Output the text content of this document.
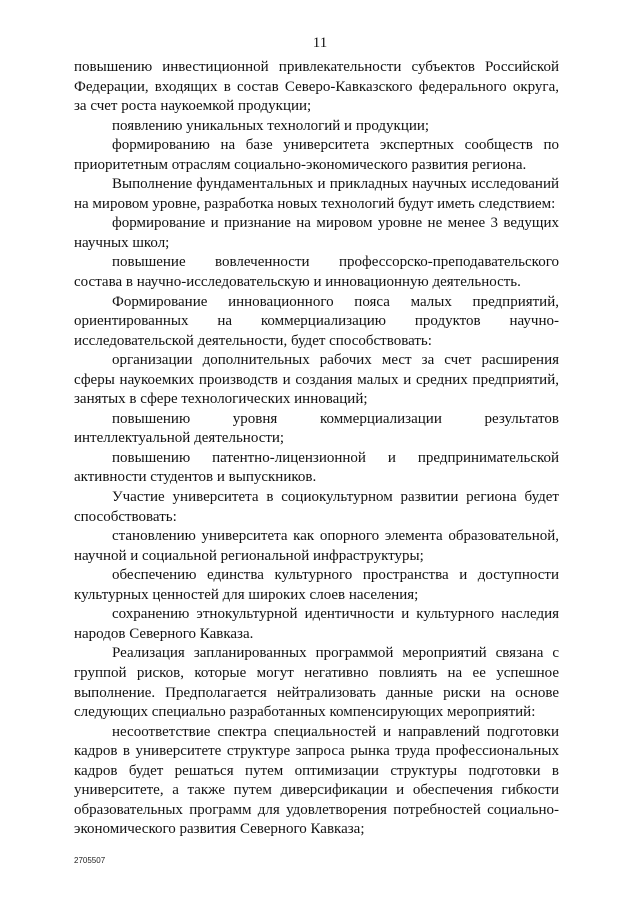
11

повышению инвестиционной привлекательности субъектов Российской Федерации, входящих в состав Северо-Кавказского федерального округа, за счет роста наукоемкой продукции;

появлению уникальных технологий и продукции;

формированию на базе университета экспертных сообществ по приоритетным отраслям социально-экономического развития региона.

Выполнение фундаментальных и прикладных научных исследований на мировом уровне, разработка новых технологий будут иметь следствием:

формирование и признание на мировом уровне не менее 3 ведущих научных школ;

повышение вовлеченности профессорско-преподавательского состава в научно-исследовательскую и инновационную деятельность.

Формирование инновационного пояса малых предприятий, ориентированных на коммерциализацию продуктов научно-исследовательской деятельности, будет способствовать:

организации дополнительных рабочих мест за счет расширения сферы наукоемких производств и создания малых и средних предприятий, занятых в сфере технологических инноваций;

повышению уровня коммерциализации результатов интеллектуальной деятельности;

повышению патентно-лицензионной и предпринимательской активности студентов и выпускников.

Участие университета в социокультурном развитии региона будет способствовать:

становлению университета как опорного элемента образовательной, научной и социальной региональной инфраструктуры;

обеспечению единства культурного пространства и доступности культурных ценностей для широких слоев населения;

сохранению этнокультурной идентичности и культурного наследия народов Северного Кавказа.

Реализация запланированных программой мероприятий связана с группой рисков, которые могут негативно повлиять на ее успешное выполнение. Предполагается нейтрализовать данные риски на основе следующих специально разработанных компенсирующих мероприятий:

несоответствие спектра специальностей и направлений подготовки кадров в университете структуре запроса рынка труда профессиональных кадров будет решаться путем оптимизации структуры подготовки в университете, а также путем диверсификации и обеспечения гибкости образовательных программ для удовлетворения потребностей социально-экономического развития Северного Кавказа;

2705507
